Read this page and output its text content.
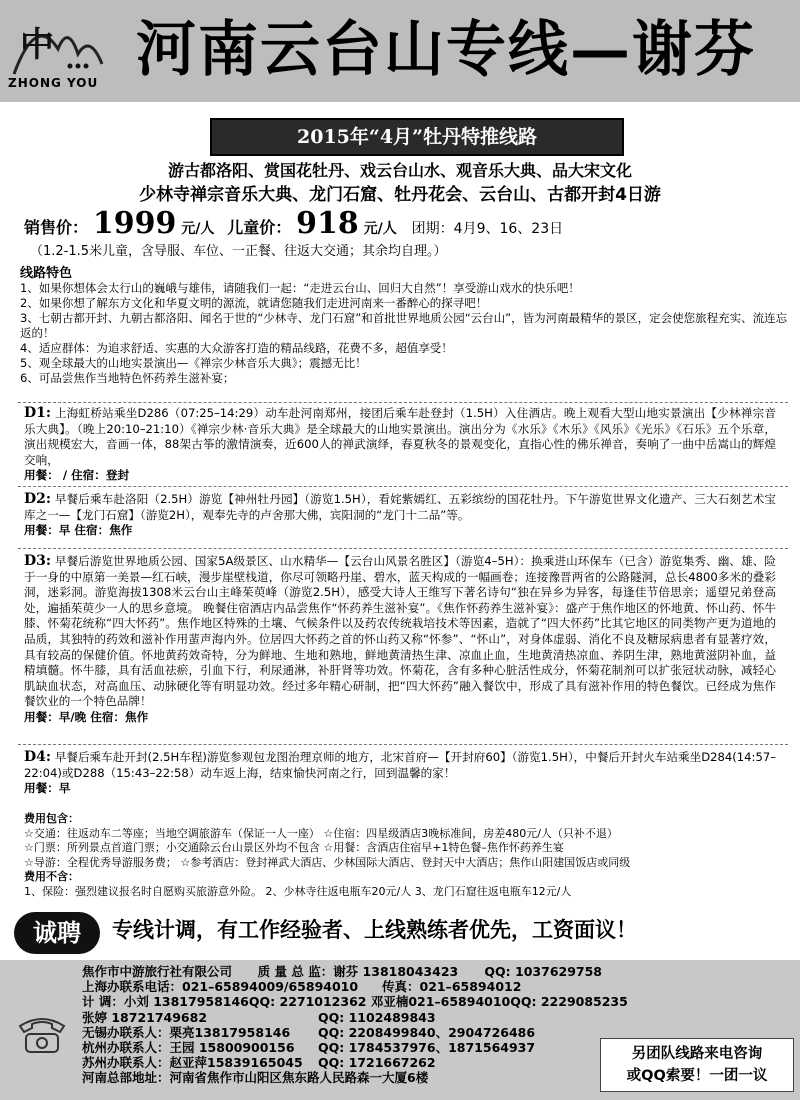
中
ZHONG YOU 河南云台山专线—谢芬
2015年“4月”牡丹特推线路
游古都洛阳、赏国花牡丹、戏云台山水、观音乐大典、品大宋文化
少林寺禅宗音乐大典、龙门石窟、牡丹花会、云台山、古都开封4日游
销售价： 1999 元/人 儿童价： 918 元/人 团期：4月9、16、23日
（1.2-1.5米儿童，含导服、车位、一正餐、往返大交通；其余均自理。）
线路特色
1、如果你想体会太行山的巍峨与雄伟，请随我们一起：“走进云台山、回归大自然”！享受游山戏水的快乐吧！
2、如果你想了解东方文化和华夏文明的源流，就请您随我们走进河南来一番醉心的探寻吧！
3、七朝古都开封、九朝古都洛阳、闻名于世的“少林寺、龙门石窟”和首批世界地质公园“云台山”，皆为河南最精华的景区，定会使您旅程充实、流连忘返的！
4、适应群体：为追求舒适、实惠的大众游客打造的精品线路，花费不多，超值享受！
5、观全球最大的山地实景演出—《禅宗少林音乐大典》；震撼无比！
6、可品尝焦作当地特色怀药养生滋补宴；
D1: 上海虹桥站乘坐D286（07:25–14:29）动车赴河南郑州，接团后乘车赴登封（1.5H）入住酒店。晚上观看大型山地实景演出【少林禅宗音乐大典】。（晚上20:10–21:10）《禅宗少林·音乐大典》是全球最大的山地实景演出。演出分为《水乐》《木乐》《风乐》《光乐》《石乐》五个乐章，演出规模宏大，音画一体，88架古筝的激情演奏，近600人的禅武演绎，春夏秋冬的景观变化，直指心性的佛乐禅音，奏响了一曲中岳嵩山的辉煌交响，
用餐： / 住宿：登封
D2: 早餐后乘车赴洛阳（2.5H）游览【神州牡丹园】（游览1.5H），看姹紫嫣红、五彩缤纷的国花牡丹。下午游览世界文化遗产、三大石刻艺术宝库之一—【龙门石窟】（游览2H），观奉先寺的卢舍那大佛，宾阳洞的“龙门十二品”等。
用餐：早 住宿：焦作
D3: 早餐后游览世界地质公园、国家5A级景区、山水精华—【云台山风景名胜区】（游览4–5H）：换乘进山环保车（已含）游览集秀、幽、雄、险于一身的中原第一美景—红石峡，漫步崖壁栈道，你尽可领略丹崖、碧水，蓝天构成的一幅画卷；连接豫晋两省的公路隧洞，总长4800多米的叠彩洞，迷彩洞。游览海拔1308米云台山主峰茱萸峰（游览2.5H），感受大诗人王维写下著名诗句“独在异乡为异客，每逢佳节倍思亲；遥望兄弟登高处，遍插茱萸少一人的思乡意境。 晚餐住宿酒店内品尝焦作“怀药养生滋补宴”。《焦作怀药养生滋补宴》：盛产于焦作地区的怀地黄、怀山药、怀牛膝、怀菊花统称“四大怀药”。焦作地区特殊的土壤、气候条件以及药农传统栽培技术等因素，造就了“四大怀药”比其它地区的同类物产更为道地的品质，其独特的药效和滋补作用蜚声海内外。位居四大怀药之首的怀山药又称“怀参”、“怀山”，对身体虚弱、消化不良及糖尿病患者有显著疗效，具有较高的保健价值。怀地黄药效奇特，分为鲜地、生地和熟地，鲜地黄清热生津、凉血止血，生地黄清热凉血、养阴生津，熟地黄滋阴补血，益精填髓。怀牛膝，具有活血祛瘀，引血下行，利尿通淋，补肝肾等功效。怀菊花，含有多种心脏活性成分，怀菊花制剂可以扩张冠状动脉，减轻心肌缺血状态，对高血压、动脉硬化等有明显功效。经过多年精心研制，把“四大怀药”融入餐饮中，形成了具有滋补作用的特色餐饮。已经成为焦作餐饮业的一个特色品牌！
用餐：早/晚 住宿：焦作
D4: 早餐后乘车赴开封(2.5H车程)游览参观包龙图治理京师的地方，北宋首府—【开封府60】（游览1.5H），中餐后开封火车站乘坐D284(14:57–22:04)或D288（15:43–22:58）动车返上海，结束愉快河南之行，回到温馨的家！
用餐：早
费用包含：
☆交通：往返动车二等座；当地空调旅游车（保证一人一座） ☆住宿：四星级酒店3晚标准间，房差480元/人（只补不退）
☆门票：所列景点首道门票；小交通除云台山景区外均不包含 ☆用餐：含酒店住宿早+1特色餐–焦作怀药养生宴
☆导游：全程优秀导游服务费； ☆参考酒店：登封禅武大酒店、少林国际大酒店、登封天中大酒店；焦作山阳建国饭店或同级
费用不含：
1、保险：强烈建议报名时自愿购买旅游意外险。 2、少林寺往返电瓶车20元/人 3、龙门石窟往返电瓶车12元/人
诚聘	专线计调，有工作经验者、上线熟练者优先，工资面议！
焦作市中游旅行社有限公司	质 量 总 监：谢芬 13818043423	QQ: 1037629758
上海办联系电话：021–65894009/65894010	传真：021–65894012
计 调：小刘 13817958146 QQ: 2271012362 邓亚楠021–65894010 QQ: 2229085235
张婷 18721749682	QQ: 1102489843
无锡办联系人：栗亮13817958146	QQ: 2208499840、2904726486
杭州办联系人：王园 15800900156	QQ: 1784537976、1871564937
苏州办联系人：赵亚萍15839165045	QQ: 1721667262
河南总部地址：河南省焦作市山阳区焦东路人民路森一大厦6楼
另团队线路来电咨询
或QQ索要！一团一议
